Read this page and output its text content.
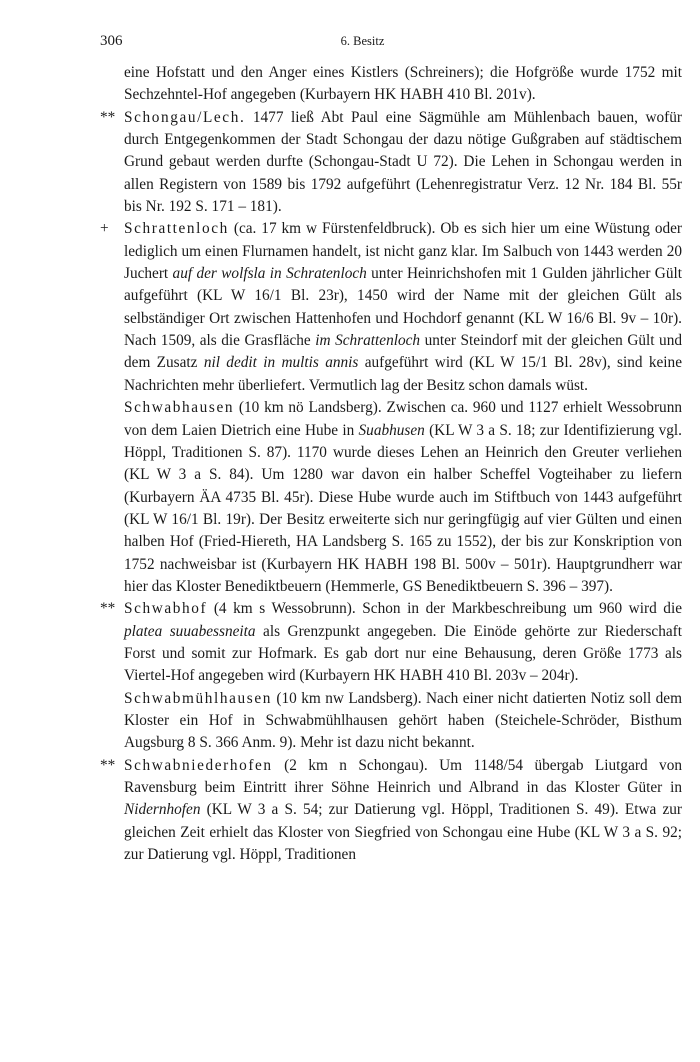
306	6. Besitz
eine Hofstatt und den Anger eines Kistlers (Schreiners); die Hofgröße wurde 1752 mit Sechzehntel-Hof angegeben (Kurbayern HK HABH 410 Bl. 201v).
** Schongau/Lech. 1477 ließ Abt Paul eine Sägmühle am Mühlenbach bauen, wofür durch Entgegenkommen der Stadt Schongau der dazu nötige Gußgraben auf städtischem Grund gebaut werden durfte (Schongau-Stadt U 72). Die Lehen in Schongau werden in allen Registern von 1589 bis 1792 aufgeführt (Lehenregistratur Verz. 12 Nr. 184 Bl. 55r bis Nr. 192 S. 171 – 181).
+ Schrattenloch (ca. 17 km w Fürstenfeldbruck). Ob es sich hier um eine Wüstung oder lediglich um einen Flurnamen handelt, ist nicht ganz klar. Im Salbuch von 1443 werden 20 Juchert auf der wolfsla in Schratenloch unter Heinrichshofen mit 1 Gulden jährlicher Gült aufgeführt (KL W 16/1 Bl. 23r), 1450 wird der Name mit der gleichen Gült als selbständiger Ort zwischen Hattenhofen und Hochdorf genannt (KL W 16/6 Bl. 9v – 10r). Nach 1509, als die Grasfläche im Schrattenloch unter Steindorf mit der gleichen Gült und dem Zusatz nil dedit in multis annis aufgeführt wird (KL W 15/1 Bl. 28v), sind keine Nachrichten mehr überliefert. Vermutlich lag der Besitz schon damals wüst.
Schwabhausen (10 km nö Landsberg). Zwischen ca. 960 und 1127 erhielt Wessobrunn von dem Laien Dietrich eine Hube in Suabhusen (KL W 3 a S. 18; zur Identifizierung vgl. Höppl, Traditionen S. 87). 1170 wurde dieses Lehen an Heinrich den Greuter verliehen (KL W 3 a S. 84). Um 1280 war davon ein halber Scheffel Vogteihaber zu liefern (Kurbayern ÄA 4735 Bl. 45r). Diese Hube wurde auch im Stiftbuch von 1443 aufgeführt (KL W 16/1 Bl. 19r). Der Besitz erweiterte sich nur geringfügig auf vier Gülten und einen halben Hof (Fried-Hiereth, HA Landsberg S. 165 zu 1552), der bis zur Konskription von 1752 nachweisbar ist (Kurbayern HK HABH 198 Bl. 500v – 501r). Hauptgrundherr war hier das Kloster Benediktbeuern (Hemmerle, GS Benediktbeuern S. 396 – 397).
** Schwabhof (4 km s Wessobrunn). Schon in der Markbeschreibung um 960 wird die platea suuabessneita als Grenzpunkt angegeben. Die Einöde gehörte zur Riederschaft Forst und somit zur Hofmark. Es gab dort nur eine Behausung, deren Größe 1773 als Viertel-Hof angegeben wird (Kurbayern HK HABH 410 Bl. 203v – 204r).
Schwabmühlhausen (10 km nw Landsberg). Nach einer nicht datierten Notiz soll dem Kloster ein Hof in Schwabmühlhausen gehört haben (Steichele-Schröder, Bisthum Augsburg 8 S. 366 Anm. 9). Mehr ist dazu nicht bekannt.
** Schwabniederhofen (2 km n Schongau). Um 1148/54 übergab Liutgard von Ravensburg beim Eintritt ihrer Söhne Heinrich und Albrand in das Kloster Güter in Nidernhofen (KL W 3 a S. 54; zur Datierung vgl. Höppl, Traditionen S. 49). Etwa zur gleichen Zeit erhielt das Kloster von Siegfried von Schongau eine Hube (KL W 3 a S. 92; zur Datierung vgl. Höppl, Traditionen
